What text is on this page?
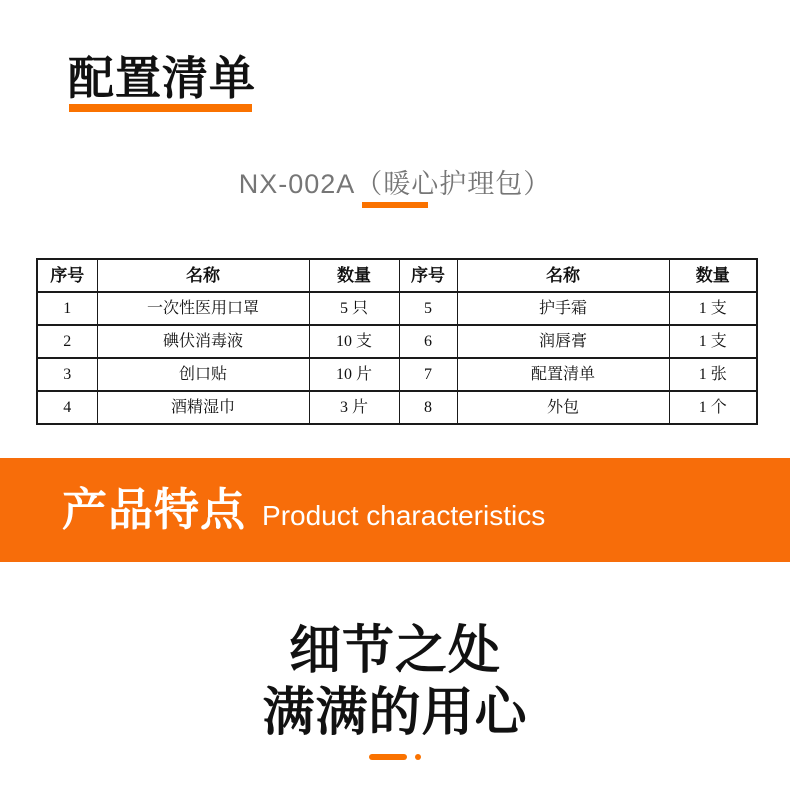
配置清单
NX-002A（暖心护理包）
序号	名称	数量	序号	名称	数量
1	一次性医用口罩	5 只	5	护手霜	1 支
2	碘伏消毒液	10 支	6	润唇膏	1 支
3	创口贴	10 片	7	配置清单	1 张
4	酒精湿巾	3 片	8	外包	1 个
产品特点 Product characteristics
细节之处
满满的用心
